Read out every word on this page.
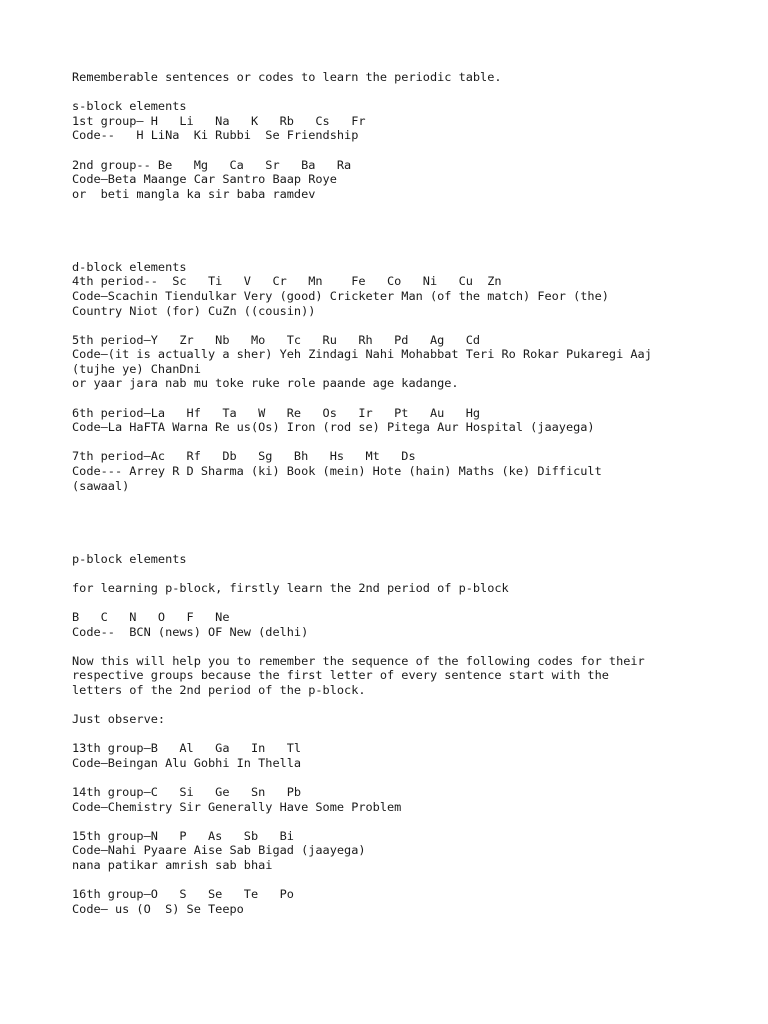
Rememberable sentences or codes to learn the periodic table.
s-block elements
1st group— H   Li   Na   K   Rb   Cs   Fr
Code--   H LiNa  Ki Rubbi  Se Friendship
2nd group-- Be   Mg   Ca   Sr   Ba   Ra
Code—Beta Maange Car Santro Baap Roye
or  beti mangla ka sir baba ramdev
d-block elements
4th period--  Sc   Ti   V   Cr   Mn    Fe   Co   Ni   Cu  Zn
Code—Scachin Tiendulkar Very (good) Cricketer Man (of the match) Feor (the)
Country Niot (for) CuZn ((cousin))
5th period—Y   Zr   Nb   Mo   Tc   Ru   Rh   Pd   Ag   Cd
Code—(it is actually a sher) Yeh Zindagi Nahi Mohabbat Teri Ro Rokar Pukaregi Aaj
(tujhe ye) ChanDni
or yaar jara nab mu toke ruke role paande age kadange.
6th period—La   Hf   Ta   W   Re   Os   Ir   Pt   Au   Hg
Code—La HaFTA Warna Re us(Os) Iron (rod se) Pitega Aur Hospital (jaayega)
7th period—Ac   Rf   Db   Sg   Bh   Hs   Mt   Ds
Code--- Arrey R D Sharma (ki) Book (mein) Hote (hain) Maths (ke) Difficult
(sawaal)
p-block elements
for learning p-block, firstly learn the 2nd period of p-block
B   C   N   O   F   Ne
Code--  BCN (news) OF New (delhi)
Now this will help you to remember the sequence of the following codes for their
respective groups because the first letter of every sentence start with the
letters of the 2nd period of the p-block.
Just observe:
13th group—B   Al   Ga   In   Tl
Code—Beingan Alu Gobhi In Thella
14th group—C   Si   Ge   Sn   Pb
Code—Chemistry Sir Generally Have Some Problem
15th group—N   P   As   Sb   Bi
Code—Nahi Pyaare Aise Sab Bigad (jaayega)
nana patikar amrish sab bhai
16th group—O   S   Se   Te   Po
Code— us (O  S) Se Teepo
